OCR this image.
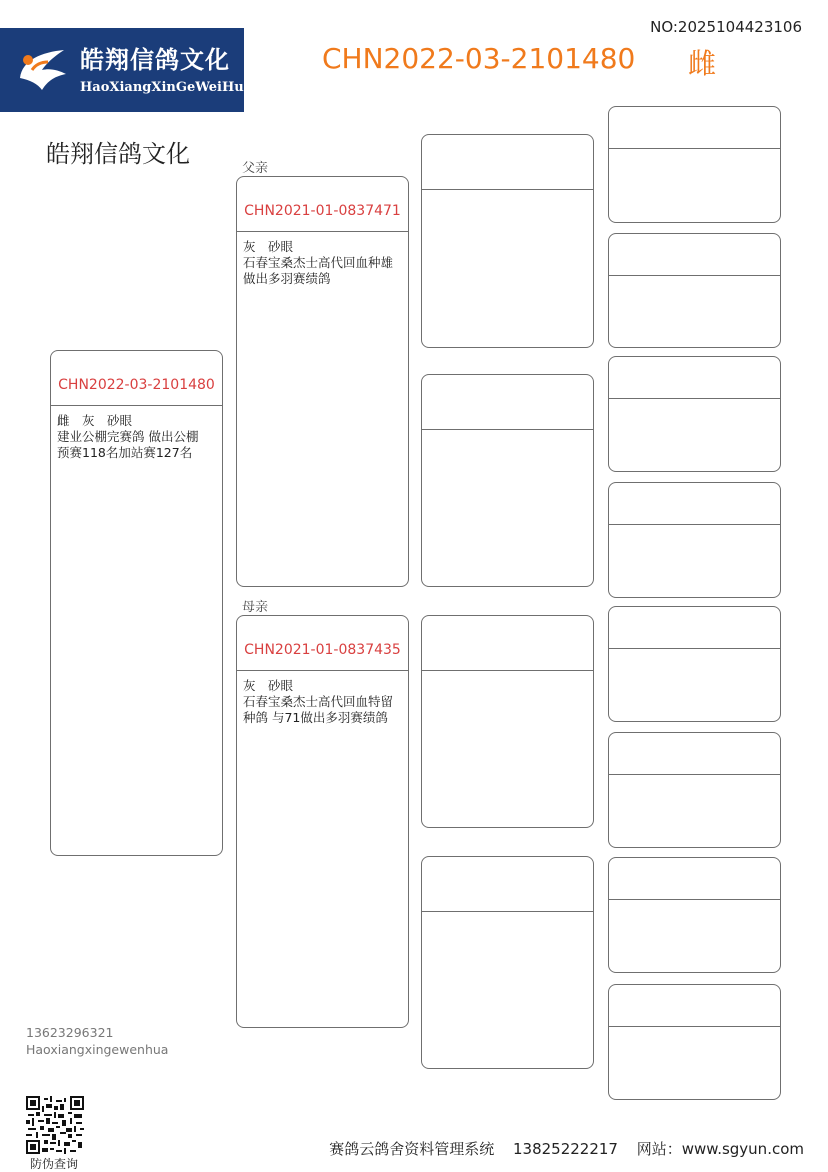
皓翔信鸽文化
HaoXiangXinGeWeiHua
NO:2025104423106
CHN2022-03-2101480 雌
皓翔信鸽文化
CHN2022-03-2101480
雌　灰　砂眼
建业公棚完赛鸽 做出公棚
预赛118名加站赛127名
父亲
CHN2021-01-0837471
灰　砂眼
石春宝桑杰士高代回血种雄
做出多羽赛绩鸽
母亲
CHN2021-01-0837435
灰　砂眼
石春宝桑杰士高代回血特留
种鸽 与71做出多羽赛绩鸽
13623296321
Haoxiangxingewenhua
防伪查询
赛鸽云鸽舍资料管理系统 13825222217 网站：www.sgyun.com
